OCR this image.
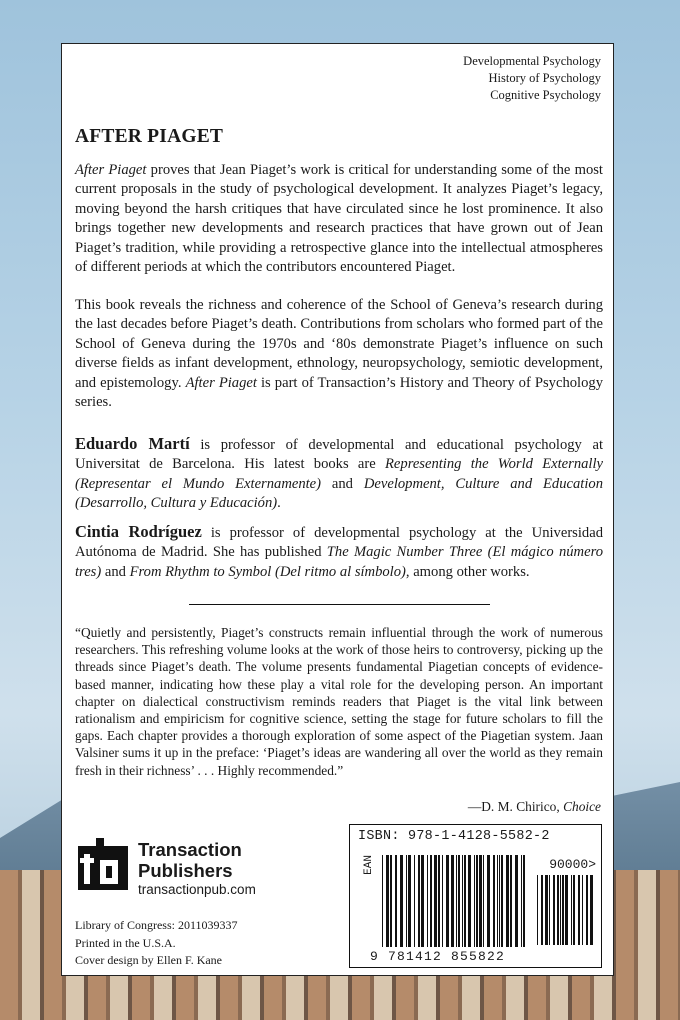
Developmental Psychology
History of Psychology
Cognitive Psychology
AFTER PIAGET

After Piaget proves that Jean Piaget’s work is critical for understanding some of the most current proposals in the study of psychological development. It analyzes Piaget’s legacy, moving beyond the harsh critiques that have circulated since he lost prominence. It also brings together new developments and research practices that have grown out of Jean Piaget’s tradition, while providing a retrospective glance into the intellectual atmospheres of different periods at which the contributors encountered Piaget.

This book reveals the richness and coherence of the School of Geneva’s research during the last decades before Piaget’s death. Contributions from scholars who formed part of the School of Geneva during the 1970s and ‘80s demonstrate Piaget’s influence on such diverse fields as infant development, ethnology, neuropsychology, semiotic development, and epistemology. After Piaget is part of Transaction’s History and Theory of Psychology series.

Eduardo Martí is professor of developmental and educational psychology at Universitat de Barcelona. His latest books are Representing the World Externally (Representar el Mundo Externamente) and Development, Culture and Education (Desarrollo, Cultura y Educación).

Cintia Rodríguez is professor of developmental psychology at the Universidad Autónoma de Madrid. She has published The Magic Number Three (El mágico número tres) and From Rhythm to Symbol (Del ritmo al símbolo), among other works.

“Quietly and persistently, Piaget’s constructs remain influential through the work of numerous researchers. This refreshing volume looks at the work of those heirs to controversy, picking up the threads since Piaget’s death. The volume presents fundamental Piagetian concepts of evidence-based manner, indicating how these play a vital role for the developing person. An important chapter on dialectical constructivism reminds readers that Piaget is the vital link between rationalism and empiricism for cognitive science, setting the stage for future scholars to fill the gaps. Each chapter provides a thorough exploration of some aspect of the Piagetian system. Jaan Valsiner sums it up in the preface: ‘Piaget’s ideas are wandering all over the world as they remain fresh in their richness’ . . . Highly recommended.”

—D. M. Chirico, Choice
Transaction
Publishers
transactionpub.com
Library of Congress: 2011039337
Printed in the U.S.A.
Cover design by Ellen F. Kane
ISBN: 978-1-4128-5582-2
90000>
EAN
9 781412 855822
